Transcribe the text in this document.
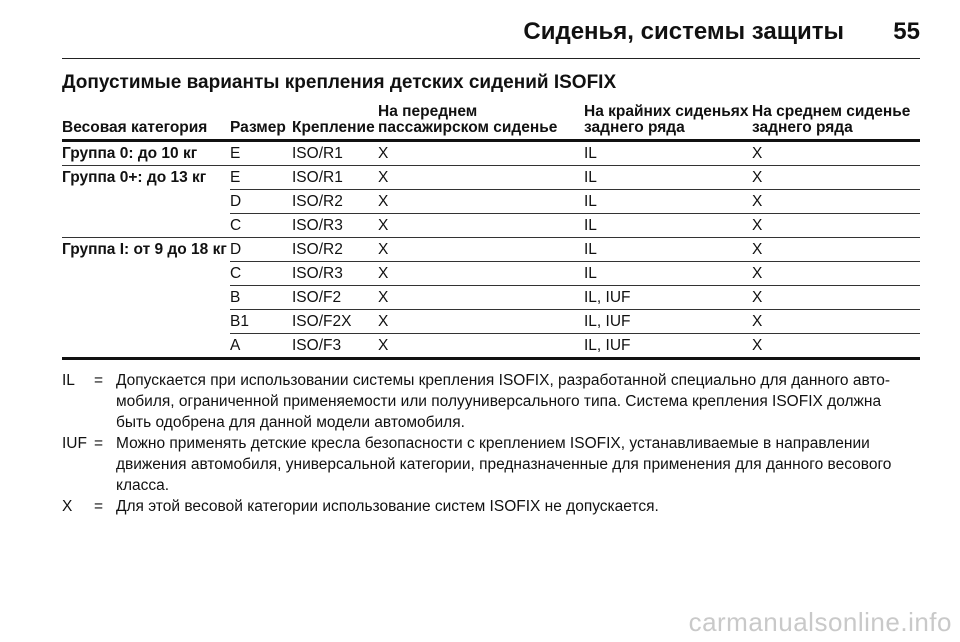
Сиденья, системы защиты 55
Допустимые варианты крепления детских сидений ISOFIX
Весовая категория	Размер	Крепление	На переднем пассажирском сиденье	На крайних сиденьях заднего ряда	На среднем сиденье заднего ряда
Группа 0: до 10 кг	E	ISO/R1	X	IL	X
Группа 0+: до 13 кг	E	ISO/R1	X	IL	X
	D	ISO/R2	X	IL	X
	C	ISO/R3	X	IL	X
Группа I: от 9 до 18 кг	D	ISO/R2	X	IL	X
	C	ISO/R3	X	IL	X
	B	ISO/F2	X	IL, IUF	X
	B1	ISO/F2X	X	IL, IUF	X
	A	ISO/F3	X	IL, IUF	X
IL	= Допускается при использовании системы крепления ISOFIX, разработанной специально для данного авто-мобиля, ограниченной применяемости или полууниверсального типа. Система крепления ISOFIX должна быть одобрена для данной модели автомобиля.
IUF = Можно применять детские кресла безопасности с креплением ISOFIX, устанавливаемые в направлении движения автомобиля, универсальной категории, предназначенные для применения для данного весового класса.
X	= Для этой весовой категории использование систем ISOFIX не допускается.
carmanualsonline.info
